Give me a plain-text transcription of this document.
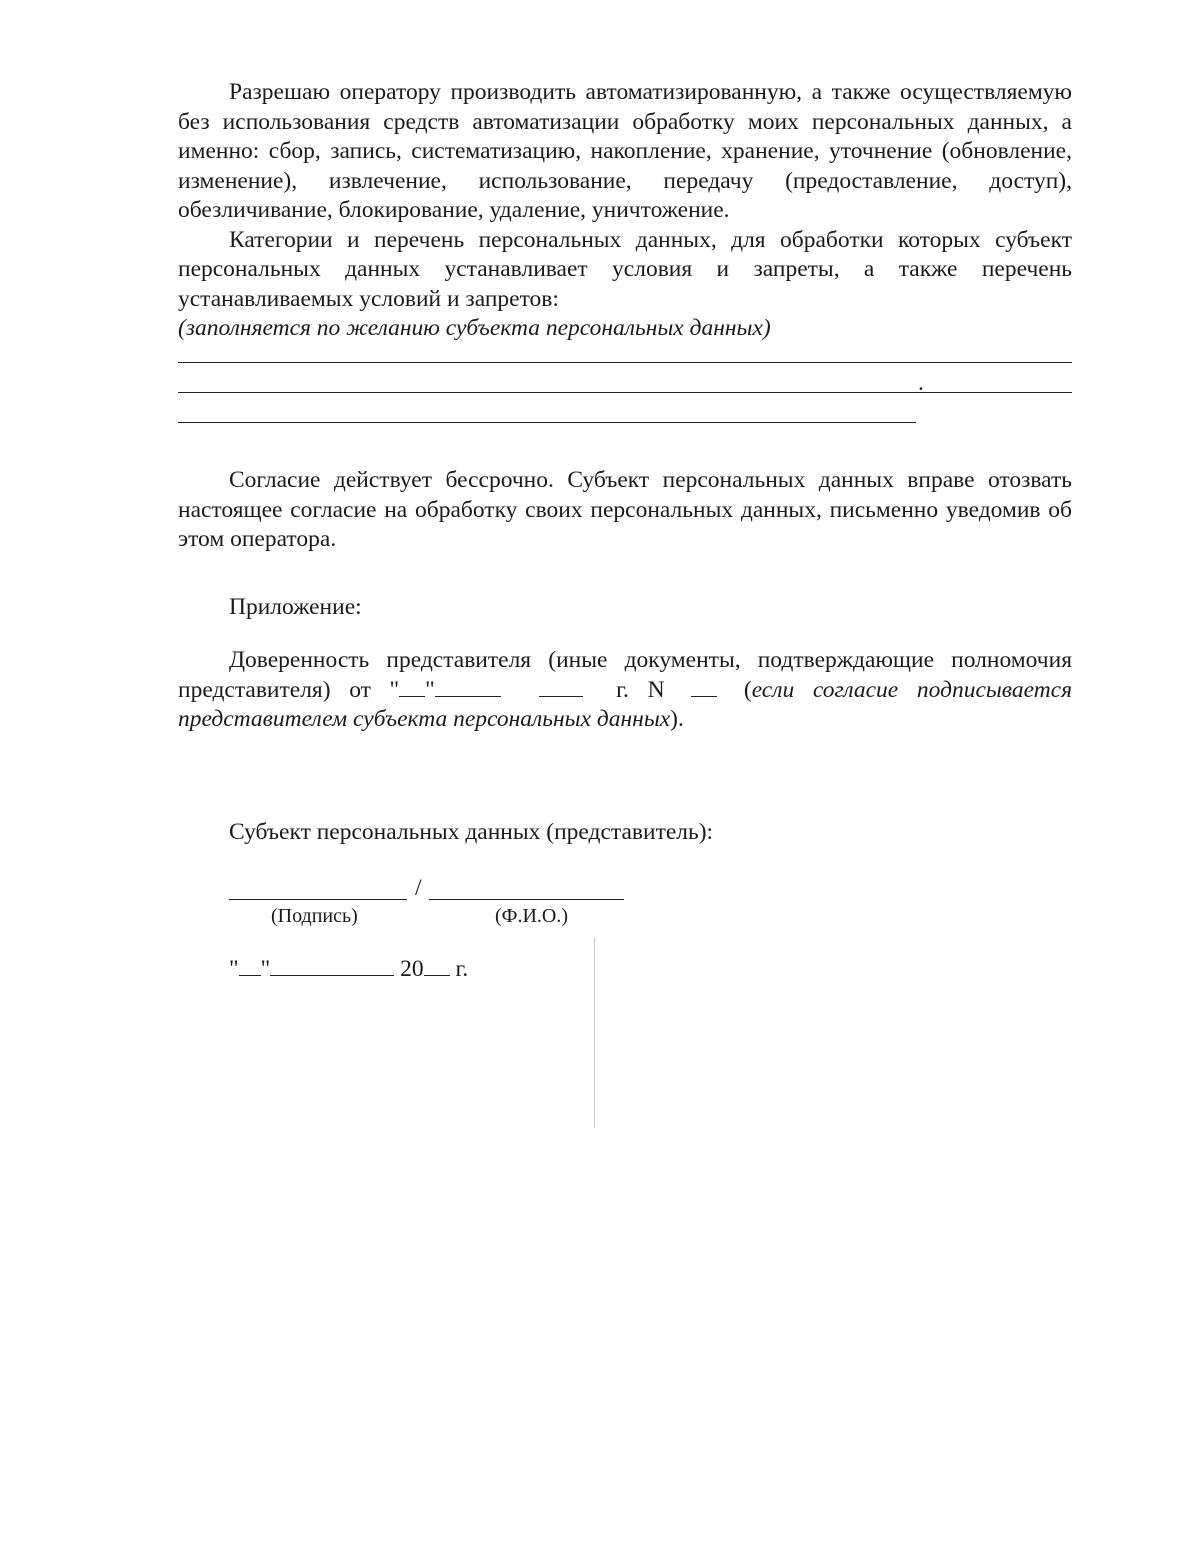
Разрешаю оператору производить автоматизированную, а также осуществляемую без использования средств автоматизации обработку моих персональных данных, а именно: сбор, запись, систематизацию, накопление, хранение, уточнение (обновление, изменение), извлечение, использование, передачу (предоставление, доступ), обезличивание, блокирование, удаление, уничтожение.

Категории и перечень персональных данных, для обработки которых субъект персональных данных устанавливает условия и запреты, а также перечень устанавливаемых условий и запретов:

(заполняется по желанию субъекта персональных данных)

.

Согласие действует бессрочно. Субъект персональных данных вправе отозвать настоящее согласие на обработку своих персональных данных, письменно уведомив об этом оператора.

Приложение:

Доверенность представителя (иные документы, подтверждающие полномочия представителя) от " "	г. N	(если согласие подписывается представителем субъекта персональных данных).

Субъект персональных данных (представитель):

/
(Подпись)	(Ф.И.О.)
" "	20 г.
